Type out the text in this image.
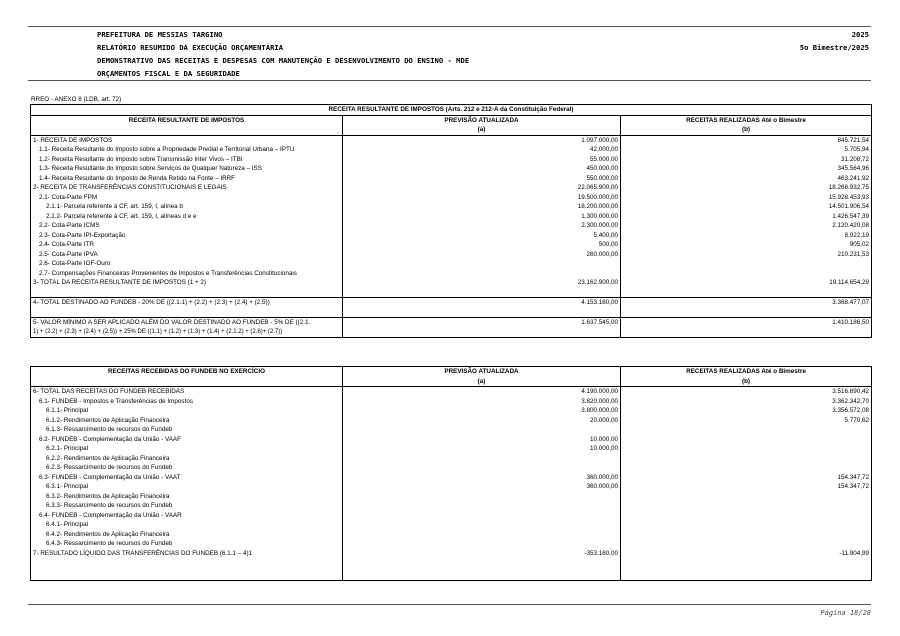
PREFEITURA DE MESSIAS TARGINO
RELATÓRIO RESUMIDO DA EXECUÇÃO ORÇAMENTÁRIA
DEMONSTRATIVO DAS RECEITAS E DESPESAS COM MANUTENÇÃO E DESENVOLVIMENTO DO ENSINO - MDE
ORÇAMENTOS FISCAL E DA SEGURIDADE
2025
5o Bimestre/2025
RREO - ANEXO 8 (LDB, art. 72)
RECEITA RESULTANTE DE IMPOSTOS (Arts. 212 e 212-A da Constituição Federal)		
RECEITA RESULTANTE DE IMPOSTOS	PREVISÃO ATUALIZADA	RECEITAS REALIZADAS Até o Bimestre
	(a)	(b)
1- RECEITA DE IMPOSTOS	1.097.000,00	845.721,54
1.1- Receita Resultante do Imposto sobre a Propriedade Predial e Territorial Urbana – IPTU	42.000,00	5.705,94
1.2- Receita Resultante do Imposto sobre Transmissão Inter Vivos – ITBI	55.000,00	31.208,72
1.3- Receita Resultante do Imposto sobre Serviços de Qualquer Natureza – ISS	450.000,00	345.564,96
1.4- Receita Resultante do Imposto de Renda Retido na Fonte – IRRF	550.000,00	463.241,92
2- RECEITA DE TRANSFERÊNCIAS CONSTITUCIONAIS E LEGAIS	22.065.900,00	18.268.932,75
2.1- Cota-Parte FPM	19.500.000,00	15.928.453,93
2.1.1- Parcela referente à CF, art. 159, I, alínea b	18.200.000,00	14.501.906,54
2.1.2- Parcela referente à CF, art. 159, I, alíneas d e e	1.300.000,00	1.426.547,39
2.2- Cota-Parte ICMS	2.300.000,00	2.120.420,08
2.3- Cota-Parte IPI-Exportação	5.400,00	8.922,19
2.4- Cota-Parte ITR	500,00	905,02
2.5- Cota-Parte IPVA	260.000,00	210.231,53
2.6- Cota-Parte IOF-Ouro		
2.7- Compensações Financeiras Provenientes de Impostos e Transferências Constitucionais		
3- TOTAL DA RECEITA RESULTANTE DE IMPOSTOS (1 + 2)	23.162.900,00	19.114.654,29

4- TOTAL DESTINADO AO FUNDEB - 20% DE ((2.1.1) + (2.2) + (2.3) + (2.4) + (2.5))	4.153.180,00	3.368.477,07

5- VALOR MÍNIMO A SER APLICADO ALÉM DO VALOR DESTINADO AO FUNDEB - 5% DE ((2.1.	1.637.545,00	1.410.186,50
1) + (2.2) + (2.3) + (2.4) + (2.5)) + 25% DE ((1.1) + (1.2) + (1.3) + (1.4) + (2.1.2) + (2.6)+ (2.7))		
RECEITAS RECEBIDAS DO FUNDEB NO EXERCÍCIO	PREVISÃO ATUALIZADA	RECEITAS REALIZADAS Até o Bimestre
	(a)	(b)
6- TOTAL DAS RECEITAS DO FUNDEB RECEBIDAS	4.190.000,00	3.516.690,42
6.1- FUNDEB - Impostos e Transferências de Impostos	3.820.000,00	3.362.342,70
6.1.1- Principal	3.800.000,00	3.356.572,08
6.1.2- Rendimentos de Aplicação Financeira	20.000,00	5.770,62
6.1.3- Ressarcimento de recursos do Fundeb		
6.2- FUNDEB - Complementação da União - VAAF	10.000,00	
6.2.1- Principal	10.000,00	
6.2.2- Rendimentos de Aplicação Financeira		
6.2.3- Ressarcimento de recursos do Fundeb		
6.3- FUNDEB - Complementação da União - VAAT	360.000,00	154.347,72
6.3.1- Principal	360.000,00	154.347,72
6.3.2- Rendimentos de Aplicação Financeira		
6.3.3- Ressarcimento de recursos do Fundeb		
6.4- FUNDEB - Complementação da União - VAAR		
6.4.1- Principal		
6.4.2- Rendimentos de Aplicação Financeira		
6.4.3- Ressarcimento de recursos do Fundeb		
7- RESULTADO LÍQUIDO DAS TRANSFERÊNCIAS DO FUNDEB (6.1.1 – 4)1	-353.180,00	-11.904,99

Página 18/28
